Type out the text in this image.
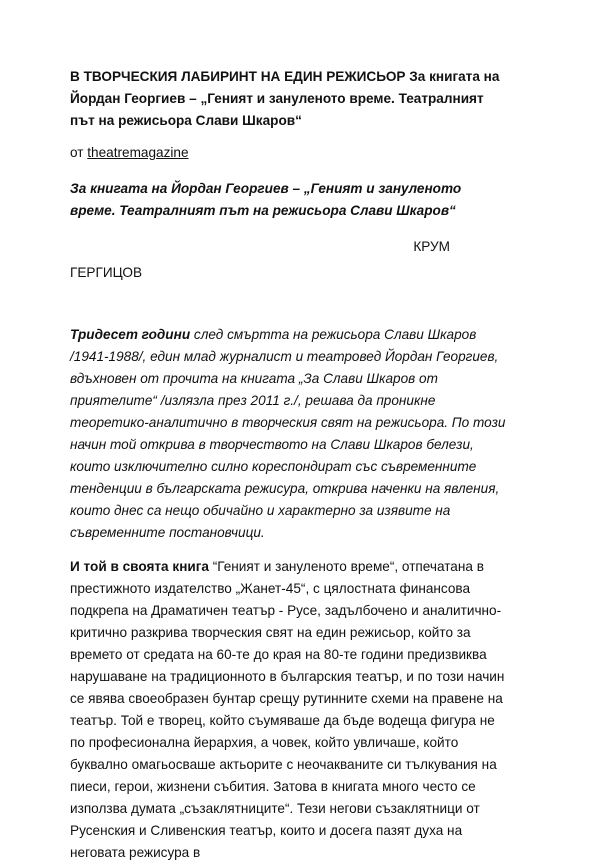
В ТВОРЧЕСКИЯ ЛАБИРИНТ НА ЕДИН РЕЖИСЬОР За книгата на Йордан Георгиев – „Геният и зануленото време. Театралният път на режисьора Слави Шкаров“

от theatremagazine

За книгата на Йордан Георгиев – „Геният и зануленото време. Театралният път на режисьора Слави Шкаров“

КРУМ
ГЕРГИЦОВ

Тридесет години след смъртта на режисьора Слави Шкаров /1941-1988/, един млад журналист и театровед Йордан Георгиев, вдъхновен от прочита на книгата „За Слави Шкаров от приятелите“ /излязла през 2011 г./, решава да проникне теоретико-аналитично в творческия свят на режисьора. По този начин той открива в творчеството на Слави Шкаров белези, които изключително силно кореспондират със съвременните тенденции в българската режисура, открива наченки на явления, които днес са нещо обичайно и характерно за изявите на съвременните постановчици.

И той в своята книга “Геният и зануленото време“, отпечатана в престижното издателство „Жанет-45“, с цялостната финансова подкрепа на Драматичен театър - Русе, задълбочено и аналитично-критично разкрива творческия свят на един режисьор, който за времето от средата на 60-те до края на 80-те години предизвиква нарушаване на традиционното в българския театър, и по този начин се явява своеобразен бунтар срещу рутинните схеми на правене на театър. Той е творец, който съумяваше да бъде водеща фигура не по професионална йерархия, а човек, който увличаше, който буквално омагьосваше актьорите с неочакваните си тълкувания на пиеси, герои, жизнени събития. Затова в книгата много често се използва думата „съзаклятниците“. Тези негови съзаклятници от Русенския и Сливенския театър, които и досега пазят духа на неговата режисура в
